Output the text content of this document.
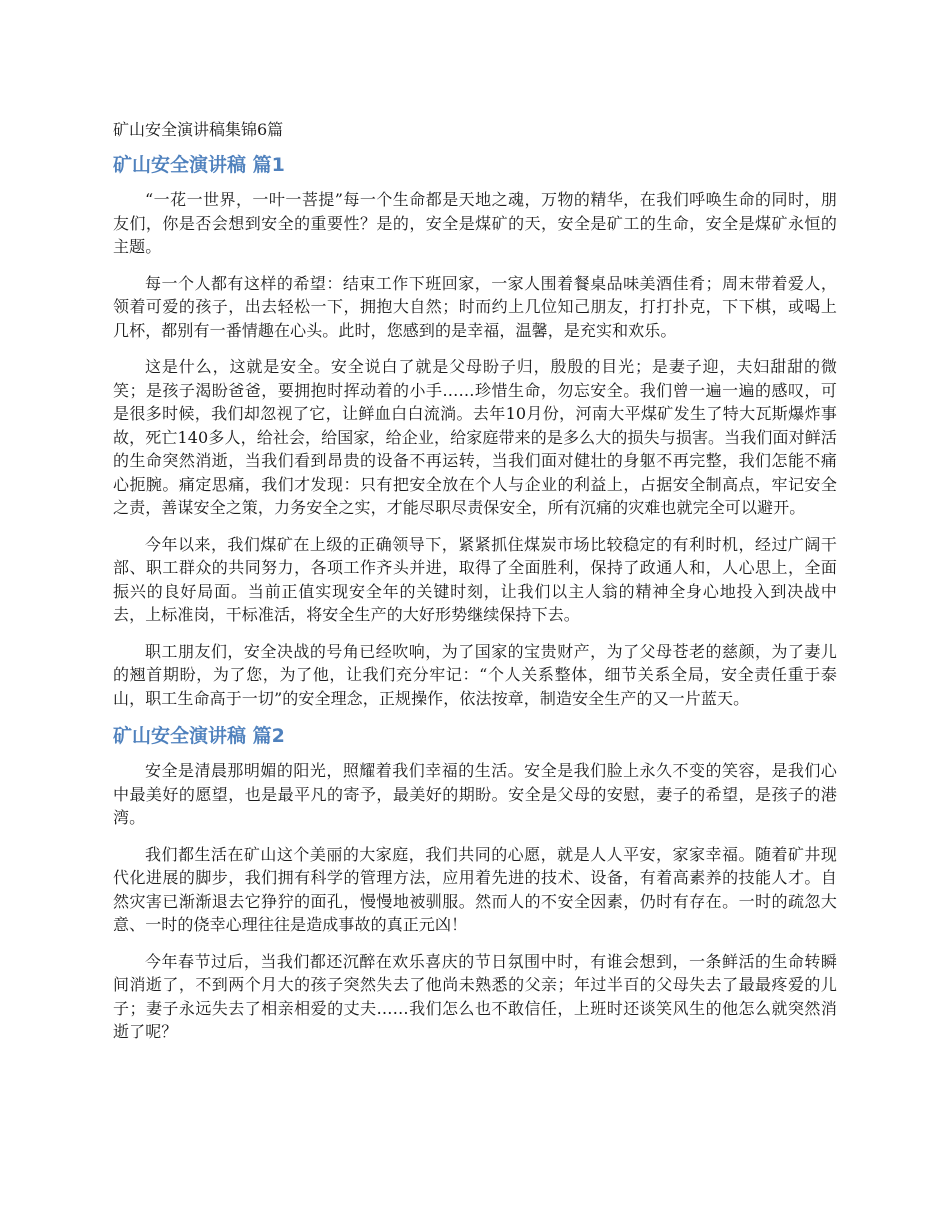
矿山安全演讲稿集锦6篇
矿山安全演讲稿 篇1

“一花一世界，一叶一菩提”每一个生命都是天地之魂，万物的精华，在我们呼唤生命的同时，朋友们，你是否会想到安全的重要性？是的，安全是煤矿的天，安全是矿工的生命，安全是煤矿永恒的主题。

每一个人都有这样的希望：结束工作下班回家，一家人围着餐桌品味美酒佳肴；周末带着爱人，领着可爱的孩子，出去轻松一下，拥抱大自然；时而约上几位知己朋友，打打扑克，下下棋，或喝上几杯，都别有一番情趣在心头。此时，您感到的是幸福，温馨，是充实和欢乐。

这是什么，这就是安全。安全说白了就是父母盼子归，殷殷的目光；是妻子迎，夫妇甜甜的微笑；是孩子渴盼爸爸，要拥抱时挥动着的小手……珍惜生命，勿忘安全。我们曾一遍一遍的感叹，可是很多时候，我们却忽视了它，让鲜血白白流淌。去年10月份，河南大平煤矿发生了特大瓦斯爆炸事故，死亡140多人，给社会，给国家，给企业，给家庭带来的是多么大的损失与损害。当我们面对鲜活的生命突然消逝，当我们看到昂贵的设备不再运转，当我们面对健壮的身躯不再完整，我们怎能不痛心扼腕。痛定思痛，我们才发现：只有把安全放在个人与企业的利益上，占据安全制高点，牢记安全之责，善谋安全之策，力务安全之实，才能尽职尽责保安全，所有沉痛的灾难也就完全可以避开。

今年以来，我们煤矿在上级的正确领导下，紧紧抓住煤炭市场比较稳定的有利时机，经过广阔干部、职工群众的共同努力，各项工作齐头并进，取得了全面胜利，保持了政通人和，人心思上，全面振兴的良好局面。当前正值实现安全年的关键时刻，让我们以主人翁的精神全身心地投入到决战中去，上标准岗，干标准活，将安全生产的大好形势继续保持下去。

职工朋友们，安全决战的号角已经吹响，为了国家的宝贵财产，为了父母苍老的慈颜，为了妻儿的翘首期盼，为了您，为了他，让我们充分牢记：“个人关系整体，细节关系全局，安全责任重于泰山，职工生命高于一切”的安全理念，正规操作，依法按章，制造安全生产的又一片蓝天。

矿山安全演讲稿 篇2

安全是清晨那明媚的阳光，照耀着我们幸福的生活。安全是我们脸上永久不变的笑容，是我们心中最美好的愿望，也是最平凡的寄予，最美好的期盼。安全是父母的安慰，妻子的希望，是孩子的港湾。

我们都生活在矿山这个美丽的大家庭，我们共同的心愿，就是人人平安，家家幸福。随着矿井现代化进展的脚步，我们拥有科学的管理方法，应用着先进的技术、设备，有着高素养的技能人才。自然灾害已渐渐退去它狰狞的面孔，慢慢地被驯服。然而人的不安全因素，仍时有存在。一时的疏忽大意、一时的侥幸心理往往是造成事故的真正元凶！

今年春节过后，当我们都还沉醉在欢乐喜庆的节日氛围中时，有谁会想到，一条鲜活的生命转瞬间消逝了，不到两个月大的孩子突然失去了他尚未熟悉的父亲；年过半百的父母失去了最最疼爱的儿子；妻子永远失去了相亲相爱的丈夫……我们怎么也不敢信任，上班时还谈笑风生的他怎么就突然消逝了呢？
